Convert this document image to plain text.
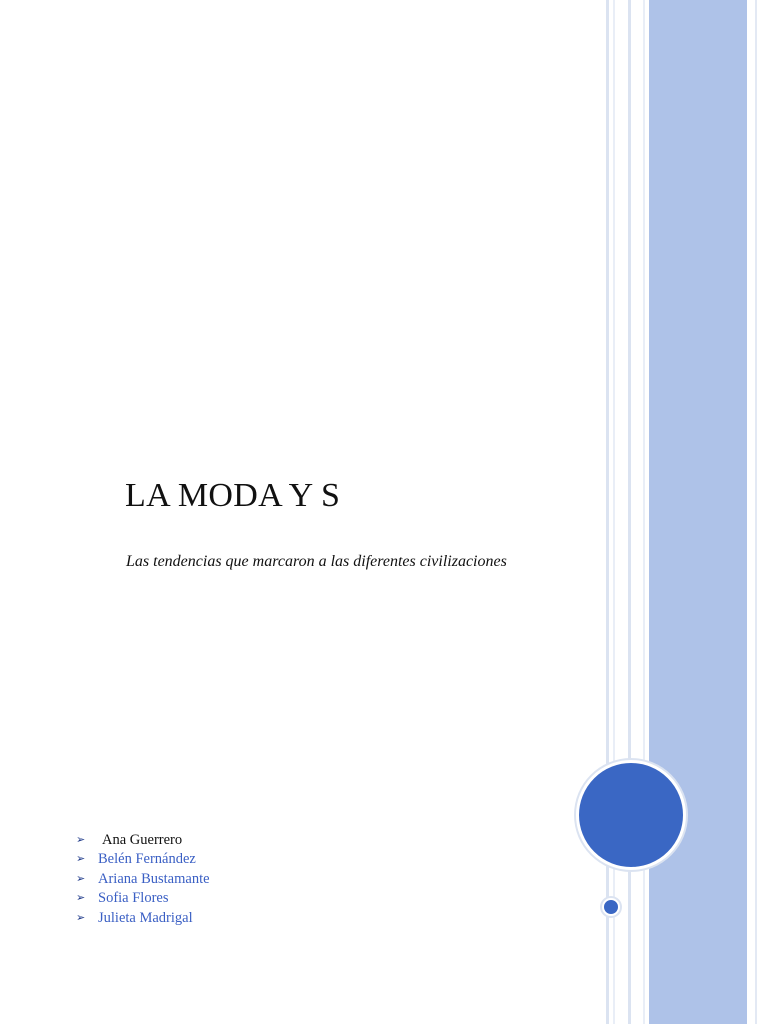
LA MODA Y S
Las tendencias que marcaron a las diferentes civilizaciones
➢ Ana Guerrero
➢ Belén Fernández
➢ Ariana Bustamante
➢ Sofia Flores
➢ Julieta Madrigal
